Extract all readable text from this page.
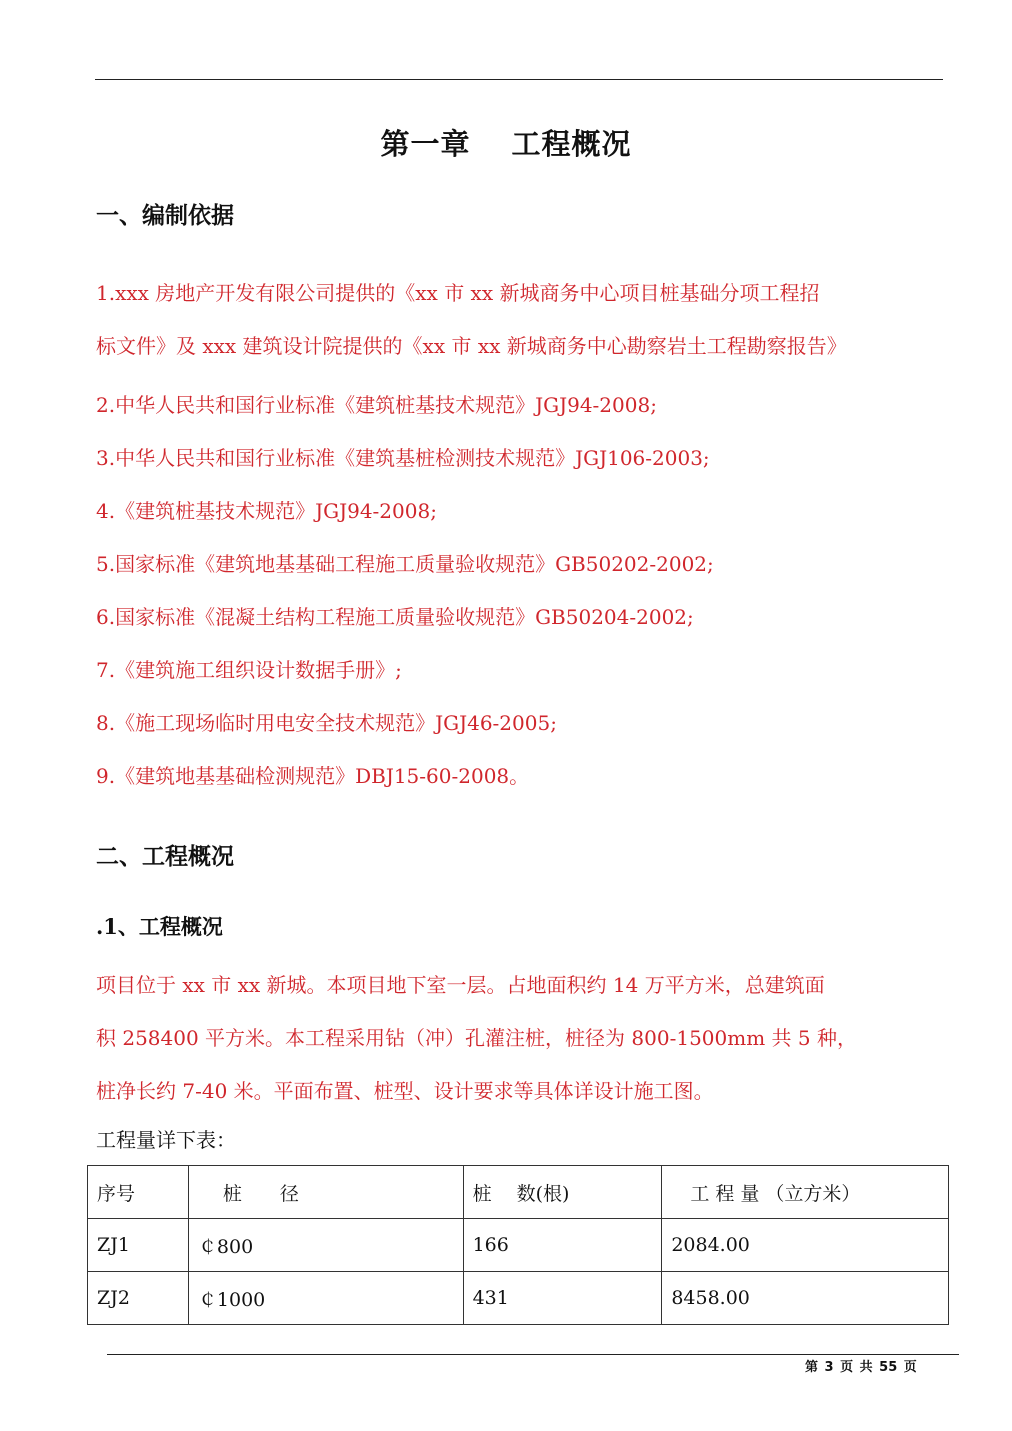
第一章　 工程概况
一、编制依据
1.xxx 房地产开发有限公司提供的《xx 市 xx 新城商务中心项目桩基础分项工程招
标文件》及 xxx 建筑设计院提供的《xx 市 xx 新城商务中心勘察岩土工程勘察报告》
2.中华人民共和国行业标准《建筑桩基技术规范》JGJ94-2008;
3.中华人民共和国行业标准《建筑基桩检测技术规范》JGJ106-2003;
4.《建筑桩基技术规范》JGJ94-2008;
5.国家标准《建筑地基基础工程施工质量验收规范》GB50202-2002;
6.国家标准《混凝土结构工程施工质量验收规范》GB50204-2002;
7.《建筑施工组织设计数据手册》;
8.《施工现场临时用电安全技术规范》JGJ46-2005;
9.《建筑地基基础检测规范》DBJ15-60-2008。
二、工程概况
.1、工程概况
项目位于 xx 市 xx 新城。本项目地下室一层。占地面积约 14 万平方米，总建筑面
积 258400 平方米。本工程采用钻（冲）孔灌注桩，桩径为 800-1500mm 共 5 种，
桩净长约 7-40 米。平面布置、桩型、设计要求等具体详设计施工图。
工程量详下表：
序号	　 桩　　径	桩　 数(根)	　工 程 量 （立方米）
ZJ1	￠800	166	2084.00
ZJ2	￠1000	431	8458.00
第 3 页 共 55 页
